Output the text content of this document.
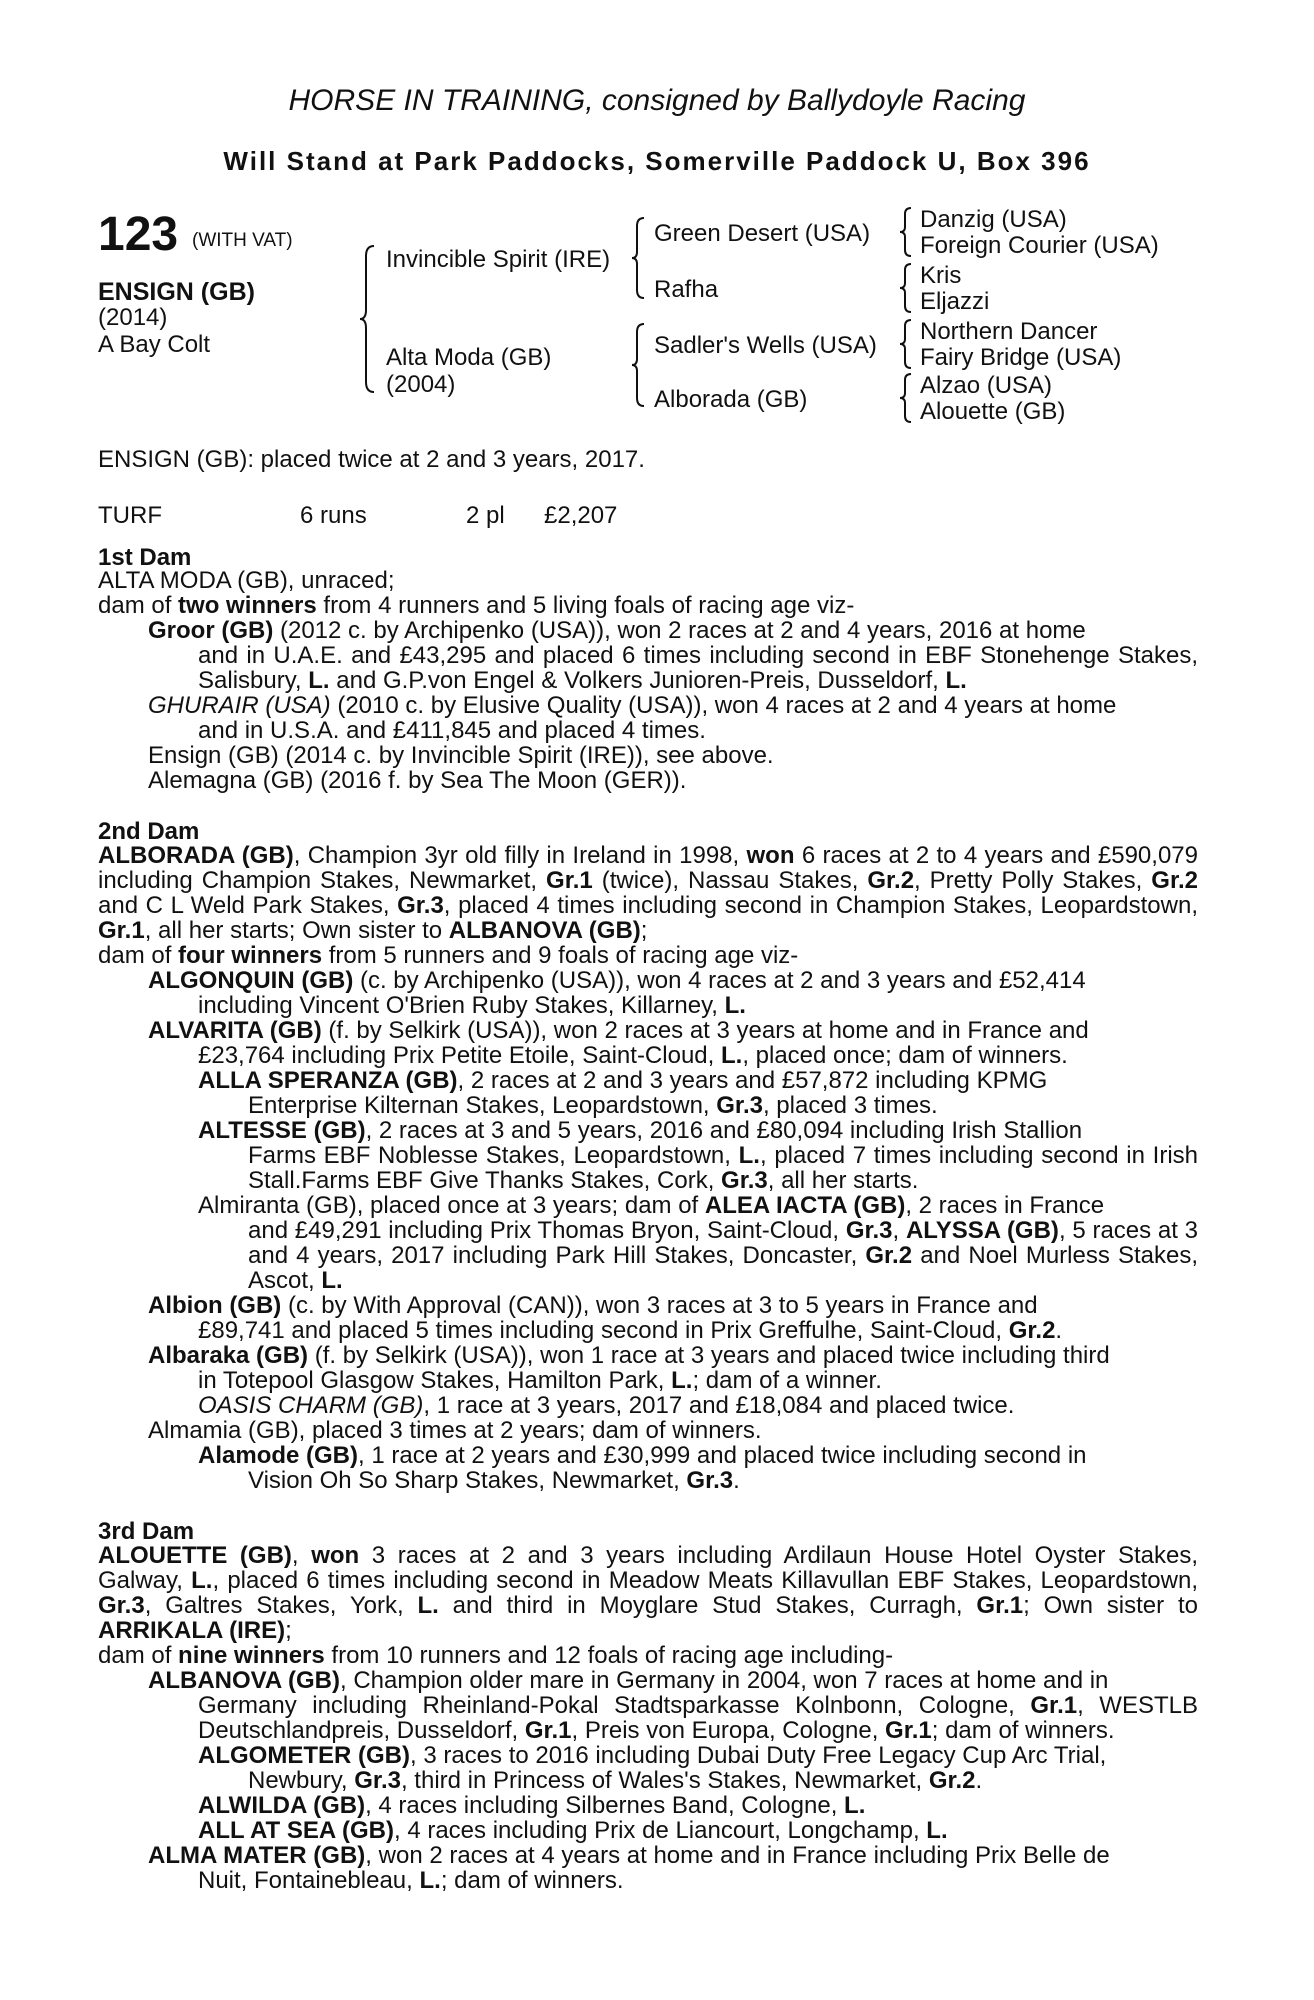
HORSE IN TRAINING, consigned by Ballydoyle Racing
Will Stand at Park Paddocks, Somerville Paddock U, Box 396
123 (WITH VAT)
ENSIGN (GB)
(2014)
A Bay Colt
Invincible Spirit (IRE)
Alta Moda (GB)
(2004)
Green Desert (USA)
Rafha
Sadler's Wells (USA)
Alborada (GB)
Danzig (USA)
Foreign Courier (USA)
Kris
Eljazzi
Northern Dancer
Fairy Bridge (USA)
Alzao (USA)
Alouette (GB)
ENSIGN (GB): placed twice at 2 and 3 years, 2017.
TURF	6 runs	2 pl £2,207
1st Dam
ALTA MODA (GB), unraced;
dam of two winners from 4 runners and 5 living foals of racing age viz-
Groor (GB) (2012 c. by Archipenko (USA)), won 2 races at 2 and 4 years, 2016 at home
and in U.A.E. and £43,295 and placed 6 times including second in EBF Stonehenge Stakes, Salisbury, L. and G.P.von Engel & Volkers Junioren-Preis, Dusseldorf, L.
GHURAIR (USA) (2010 c. by Elusive Quality (USA)), won 4 races at 2 and 4 years at home
and in U.S.A. and £411,845 and placed 4 times.
Ensign (GB) (2014 c. by Invincible Spirit (IRE)), see above.
Alemagna (GB) (2016 f. by Sea The Moon (GER)).
2nd Dam
ALBORADA (GB), Champion 3yr old filly in Ireland in 1998, won 6 races at 2 to 4 years and £590,079 including Champion Stakes, Newmarket, Gr.1 (twice), Nassau Stakes, Gr.2, Pretty Polly Stakes, Gr.2 and C L Weld Park Stakes, Gr.3, placed 4 times including second in Champion Stakes, Leopardstown, Gr.1, all her starts; Own sister to ALBANOVA (GB);
dam of four winners from 5 runners and 9 foals of racing age viz-
ALGONQUIN (GB) (c. by Archipenko (USA)), won 4 races at 2 and 3 years and £52,414
including Vincent O'Brien Ruby Stakes, Killarney, L.
ALVARITA (GB) (f. by Selkirk (USA)), won 2 races at 3 years at home and in France and
£23,764 including Prix Petite Etoile, Saint-Cloud, L., placed once; dam of winners.
ALLA SPERANZA (GB), 2 races at 2 and 3 years and £57,872 including KPMG
Enterprise Kilternan Stakes, Leopardstown, Gr.3, placed 3 times.
ALTESSE (GB), 2 races at 3 and 5 years, 2016 and £80,094 including Irish Stallion
Farms EBF Noblesse Stakes, Leopardstown, L., placed 7 times including second in Irish Stall.Farms EBF Give Thanks Stakes, Cork, Gr.3, all her starts.
Almiranta (GB), placed once at 3 years; dam of ALEA IACTA (GB), 2 races in France
and £49,291 including Prix Thomas Bryon, Saint-Cloud, Gr.3, ALYSSA (GB), 5 races at 3 and 4 years, 2017 including Park Hill Stakes, Doncaster, Gr.2 and Noel Murless Stakes, Ascot, L.
Albion (GB) (c. by With Approval (CAN)), won 3 races at 3 to 5 years in France and
£89,741 and placed 5 times including second in Prix Greffulhe, Saint-Cloud, Gr.2.
Albaraka (GB) (f. by Selkirk (USA)), won 1 race at 3 years and placed twice including third
in Totepool Glasgow Stakes, Hamilton Park, L.; dam of a winner.
OASIS CHARM (GB), 1 race at 3 years, 2017 and £18,084 and placed twice.
Almamia (GB), placed 3 times at 2 years; dam of winners.
Alamode (GB), 1 race at 2 years and £30,999 and placed twice including second in
Vision Oh So Sharp Stakes, Newmarket, Gr.3.
3rd Dam
ALOUETTE (GB), won 3 races at 2 and 3 years including Ardilaun House Hotel Oyster Stakes, Galway, L., placed 6 times including second in Meadow Meats Killavullan EBF Stakes, Leopardstown, Gr.3, Galtres Stakes, York, L. and third in Moyglare Stud Stakes, Curragh, Gr.1; Own sister to ARRIKALA (IRE);
dam of nine winners from 10 runners and 12 foals of racing age including-
ALBANOVA (GB), Champion older mare in Germany in 2004, won 7 races at home and in
Germany including Rheinland-Pokal Stadtsparkasse Kolnbonn, Cologne, Gr.1, WESTLB Deutschlandpreis, Dusseldorf, Gr.1, Preis von Europa, Cologne, Gr.1; dam of winners.
ALGOMETER (GB), 3 races to 2016 including Dubai Duty Free Legacy Cup Arc Trial,
Newbury, Gr.3, third in Princess of Wales's Stakes, Newmarket, Gr.2.
ALWILDA (GB), 4 races including Silbernes Band, Cologne, L.
ALL AT SEA (GB), 4 races including Prix de Liancourt, Longchamp, L.
ALMA MATER (GB), won 2 races at 4 years at home and in France including Prix Belle de
Nuit, Fontainebleau, L.; dam of winners.
